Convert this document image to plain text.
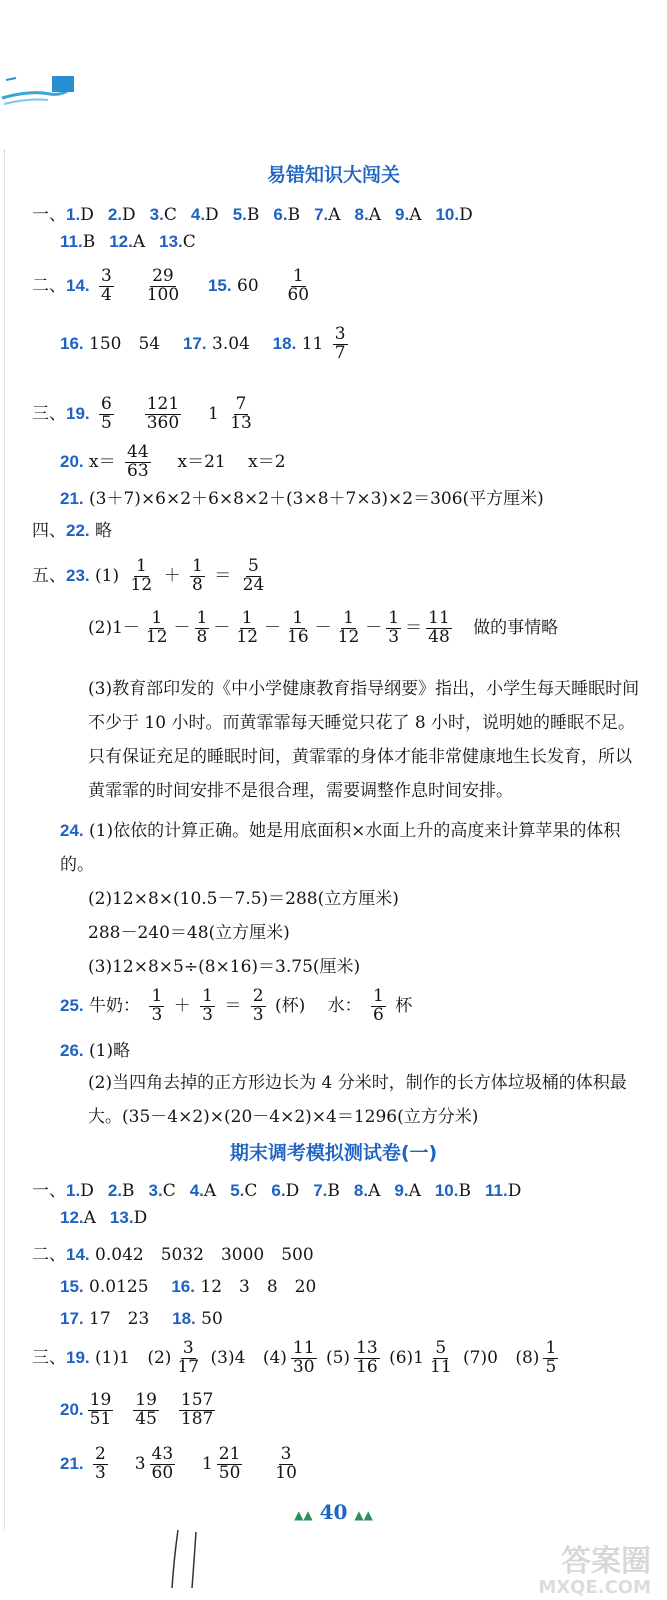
易错知识大闯关
一、1.D 2.D 3.C 4.D 5.B 6.B 7.A 8.A 9.A 10.D
11.B 12.A 13.C
二、14. $\frac{3}{4}$
$\frac{29}{100} 15$. $60 \frac{1}{60}$
16. 150　54 17. 3.04 18. $11 \frac{3}{7}$
三、19. $\frac{6}{5}$
$\frac{121}{360} 1 \frac{7}{13}$
20. $x= \frac{44}{63} x=21$　 x＝2
21. (3＋7)×6×2＋6×8×2＋(3×8＋7×3)×2＝306(平方厘米)
四、22. 略
五、23. $(1) \frac{1}{12} + \frac{1}{8} = \frac{5}{24}$
$(2)1- \frac{1}{12} - \frac{1}{8} - \frac{1}{12} - \frac{1}{16} - \frac{1}{12} - \frac{1}{3} = \frac{11}{48}$ 做的事情略
(3)教育部印发的《中小学健康教育指导纲要》指出，小学生每天睡眠时间不少于 10 小时。而黄霏霏每天睡觉只花了 8 小时，说明她的睡眠不足。只有保证充足的睡眠时间，黄霏霏的身体才能非常健康地生长发育，所以黄霏霏的时间安排不是很合理，需要调整作息时间安排。
24. (1)依依的计算正确。她是用底面积×水面上升的高度来计算苹果的体积的。
(2)12×8×(10.5－7.5)＝288(立方厘米)
288－240＝48(立方厘米)
(3)12×8×5÷(8×16)＝3.75(厘米)
25. 牛奶： $\frac{1}{3} + \frac{1}{3} = \frac{2}{3}$ (杯)　 水： $\frac{1}{6}$ 杯
26. (1)略
(2)当四角去掉的正方形边长为 4 分米时，制作的长方体垃圾桶的体积最大。(35－4×2)×(20－4×2)×4＝1296(立方分米)
期末调考模拟测试卷(一)
一、1.D 2.B 3.C 4.A 5.C 6.D 7.B 8.A 9.A 10.B 11.D
12.A 13.D
二、14. 0.042　5032　3000　500
15. 0.0125 16. 12　3　8　20
17. 17　23 18. 50
三、19. (1)1 $(2) \frac{3}{17} (3)4$ $(4) \frac{11}{30} (5) \frac{13}{16} (6)1 \frac{5}{11} (7)0$ $(8) \frac{1}{5}$
20. $\frac{19}{51} \frac{19}{45} \frac{157}{187}$
21. $\frac{2}{3} 3 \frac{43}{60} 1 \frac{21}{50}$
$\frac{3}{10}$
▲▲ 40 ▲▲
答案圈
MXQE.COM
